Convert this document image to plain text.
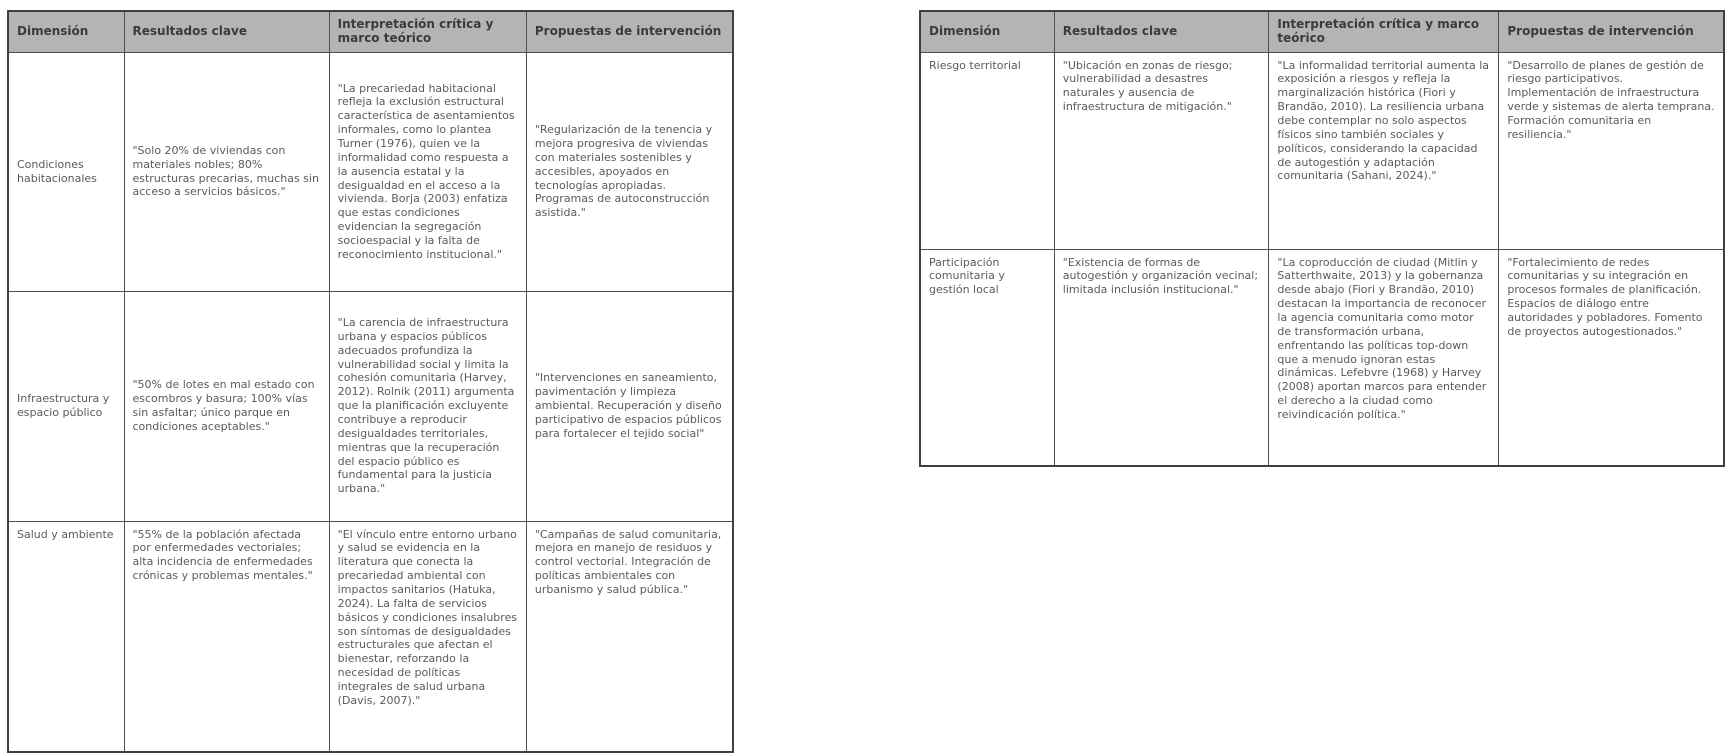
Dimensión	Resultados clave	Interpretación crítica y marco teórico	Propuestas de intervención
Condiciones habitacionales	"Solo 20% de viviendas con materiales nobles; 80% estructuras precarias, muchas sin acceso a servicios básicos."	"La precariedad habitacional refleja la exclusión estructural característica de asentamientos informales, como lo plantea Turner (1976), quien ve la informalidad como respuesta a la ausencia estatal y la desigualdad en el acceso a la vivienda. Borja (2003) enfatiza que estas condiciones evidencian la segregación socioespacial y la falta de reconocimiento institucional."	"Regularización de la tenencia y mejora progresiva de viviendas con materiales sostenibles y accesibles, apoyados en tecnologías apropiadas. Programas de autoconstrucción asistida."
Infraestructura y espacio público	"50% de lotes en mal estado con escombros y basura; 100% vías sin asfaltar; único parque en condiciones aceptables."	"La carencia de infraestructura urbana y espacios públicos adecuados profundiza la vulnerabilidad social y limita la cohesión comunitaria (Harvey, 2012). Rolnik (2011) argumenta que la planificación excluyente contribuye a reproducir desigualdades territoriales, mientras que la recuperación del espacio público es fundamental para la justicia urbana."	"Intervenciones en saneamiento, pavimentación y limpieza ambiental. Recuperación y diseño participativo de espacios públicos para fortalecer el tejido social"
Salud y ambiente	"55% de la población afectada por enfermedades vectoriales; alta incidencia de enfermedades crónicas y problemas mentales."	"El vínculo entre entorno urbano y salud se evidencia en la literatura que conecta la precariedad ambiental con impactos sanitarios (Hatuka, 2024). La falta de servicios básicos y condiciones insalubres son síntomas de desigualdades estructurales que afectan el bienestar, reforzando la necesidad de políticas integrales de salud urbana (Davis, 2007)."	"Campañas de salud comunitaria, mejora en manejo de residuos y control vectorial. Integración de políticas ambientales con urbanismo y salud pública."
Dimensión	Resultados clave	Interpretación crítica y marco teórico	Propuestas de intervención
Riesgo territorial	"Ubicación en zonas de riesgo; vulnerabilidad a desastres naturales y ausencia de infraestructura de mitigación."	"La informalidad territorial aumenta la exposición a riesgos y refleja la marginalización histórica (Fiori y Brandão, 2010). La resiliencia urbana debe contemplar no solo aspectos físicos sino también sociales y políticos, considerando la capacidad de autogestión y adaptación comunitaria (Sahani, 2024)."	"Desarrollo de planes de gestión de riesgo participativos. Implementación de infraestructura verde y sistemas de alerta temprana. Formación comunitaria en resiliencia."
Participación comunitaria y gestión local	"Existencia de formas de autogestión y organización vecinal; limitada inclusión institucional."	"La coproducción de ciudad (Mitlin y Satterthwaite, 2013) y la gobernanza desde abajo (Fiori y Brandão, 2010) destacan la importancia de reconocer la agencia comunitaria como motor de transformación urbana, enfrentando las políticas top-down que a menudo ignoran estas dinámicas. Lefebvre (1968) y Harvey (2008) aportan marcos para entender el derecho a la ciudad como reivindicación política."	"Fortalecimiento de redes comunitarias y su integración en procesos formales de planificación. Espacios de diálogo entre autoridades y pobladores. Fomento de proyectos autogestionados."
